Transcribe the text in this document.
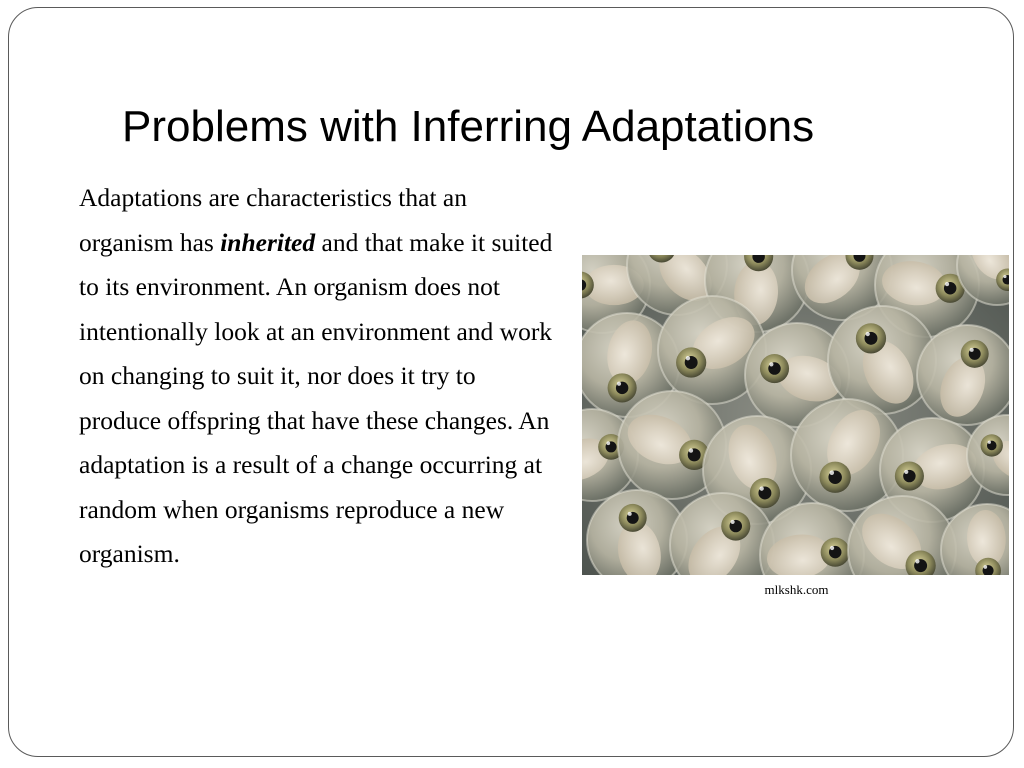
Problems with Inferring Adaptations

Adaptations are characteristics that an organism has inherited and that make it suited to its environment. An organism does not intentionally look at an environment and work on changing to suit it, nor does it try to produce offspring that have these changes. An adaptation is a result of a change occurring at random when organisms reproduce a new organism.

mlkshk.com
